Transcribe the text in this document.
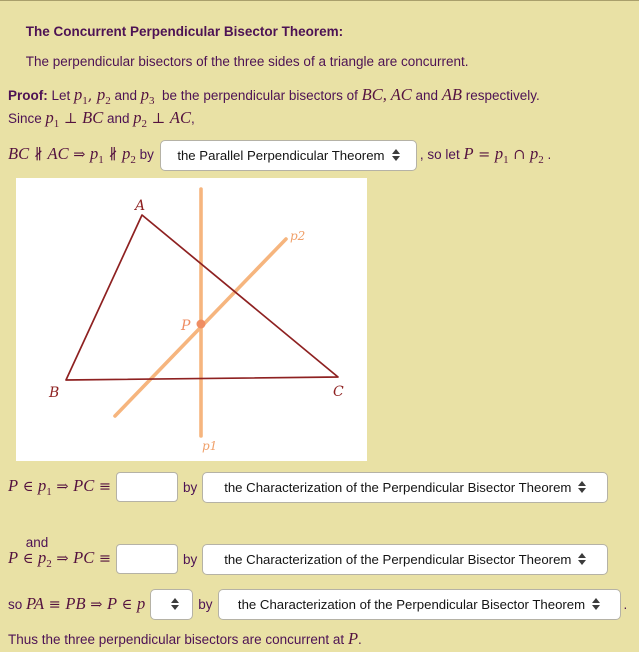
The Concurrent Perpendicular Bisector Theorem:

The perpendicular bisectors of the three sides of a triangle are concurrent.

Proof: Let $p_1$, $p_2$ and $p_3$  be the perpendicular bisectors of BC, AC and AB respectively.
Since $p_1$ ⊥ BC and $p_2$ ⊥ AC,
BC ∦ AC ⇒ $p_1$ ∦ $p_2$ by the Parallel Perpendicular Theorem	, so let $P = p_1$ ∩ $p_2$ .
A
B	C
P
p1
p2
P ∈ $p_1$ ⇒ PC ≡	by the Characterization of the Perpendicular Bisector Theorem

and

P ∈ $p_2$ ⇒ PC ≡	by the Characterization of the Perpendicular Bisector Theorem
so PA ≡ PB ⇒ P ∈ p	by the Characterization of the Perpendicular Bisector Theorem	.
Thus the three perpendicular bisectors are concurrent at P.
